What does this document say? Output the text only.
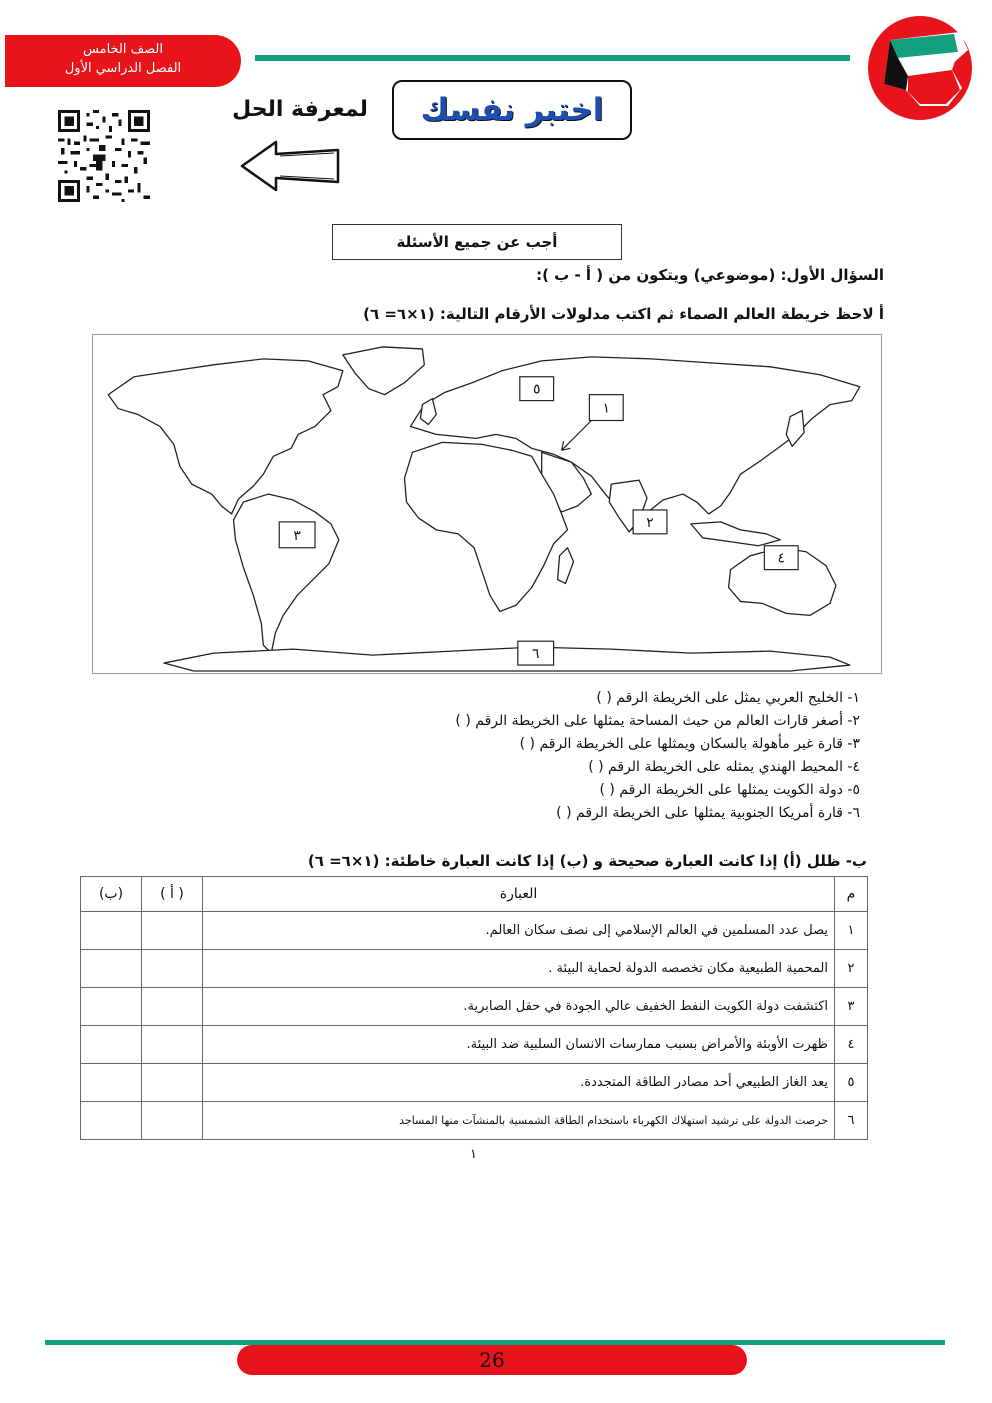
الصف الخامس
الفصل الدراسي الأول
اختبر نفسك
لمعرفة الحل
أجب عن جميع الأسئلة
السؤال الأول: (موضوعي) ويتكون من ( أ - ب ):
أ لاحظ خريطة العالم الصماء ثم اكتب مدلولات الأرقام التالية: (١×٦= ٦)
١
٢
٣
٤
٥
٦
١- الخليج العربي يمثل على الخريطة الرقم ( )
٢- أصغر قارات العالم من حيث المساحة يمثلها على الخريطة الرقم ( )
٣- قارة غير مأهولة بالسكان ويمثلها على الخريطة الرقم ( )
٤- المحيط الهندي يمثله على الخريطة الرقم ( )
٥- دولة الكويت يمثلها على الخريطة الرقم ( )
٦- قارة أمريكا الجنوبية يمثلها على الخريطة الرقم ( )
ب- ظلل (أ) إذا كانت العبارة صحيحة و (ب) إذا كانت العبارة خاطئة: (١×٦= ٦)
م	العبارة	( أ )	(ب)
١	يصل عدد المسلمين في العالم الإسلامي إلى نصف سكان العالم.		
٢	المحمية الطبيعية مكان تخصصه الدولة لحماية البيئة .		
٣	اكتشفت دولة الكويت النفط الخفيف عالي الجودة في حقل الصابرية.		
٤	ظهرت الأوبئة والأمراض بسبب ممارسات الانسان السلبية ضد البيئة.		
٥	يعد الغاز الطبيعي أحد مصادر الطاقة المتجددة.		
٦	حرصت الدولة على ترشيد استهلاك الكهرباء باستخدام الطاقة الشمسية بالمنشآت منها المساجد		
١
26
